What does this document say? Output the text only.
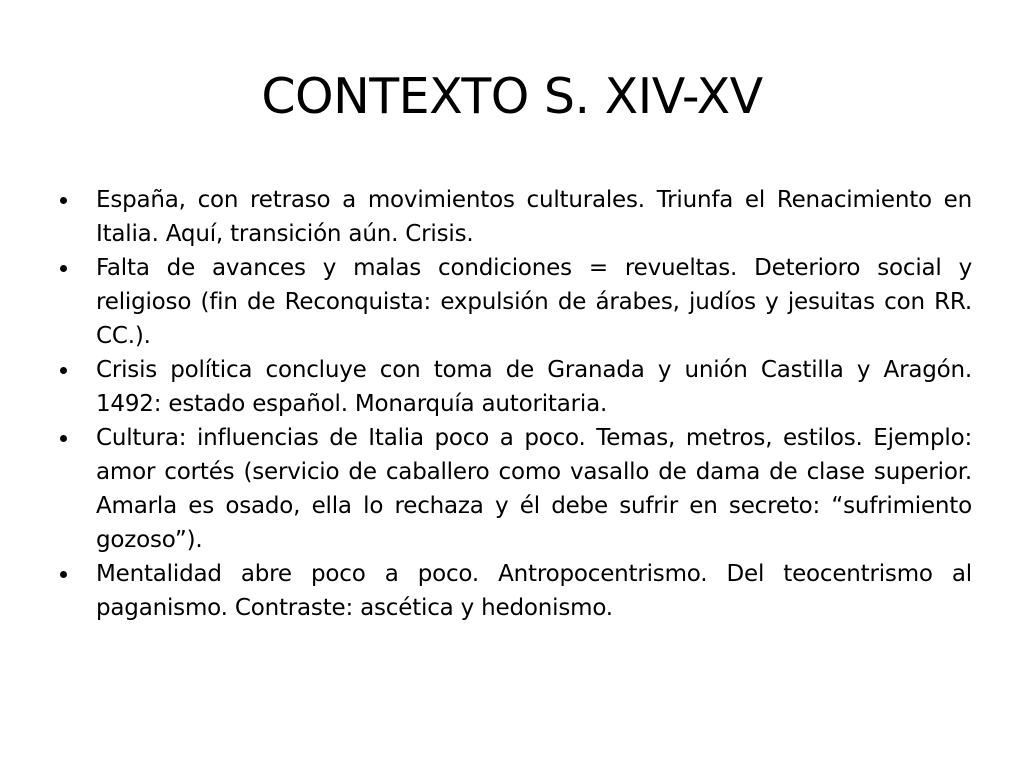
CONTEXTO S. XIV-XV
España, con retraso a movimientos culturales. Triunfa el Renacimiento en Italia. Aquí, transición aún. Crisis.
Falta de avances y malas condiciones = revueltas. Deterioro social y religioso (fin de Reconquista: expulsión de árabes, judíos y jesuitas con RR. CC.).
Crisis política concluye con toma de Granada y unión Castilla y Aragón. 1492: estado español. Monarquía autoritaria.
Cultura: influencias de Italia poco a poco. Temas, metros, estilos. Ejemplo: amor cortés (servicio de caballero como vasallo de dama de clase superior. Amarla es osado, ella lo rechaza y él debe sufrir en secreto: “sufrimiento gozoso”).
Mentalidad abre poco a poco. Antropocentrismo. Del teocentrismo al paganismo. Contraste: ascética y hedonismo.
